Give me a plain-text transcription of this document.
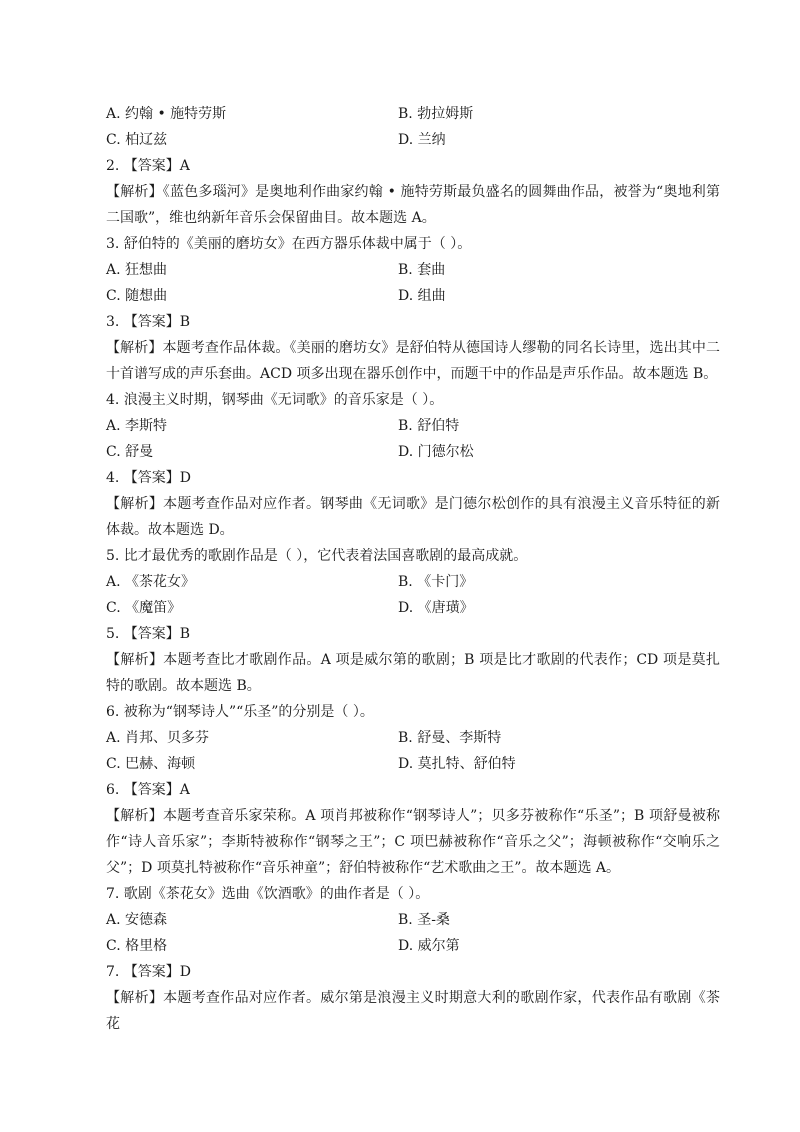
A. 约翰 • 施特劳斯	B. 勃拉姆斯
C. 柏辽兹	D. 兰纳
2. 【答案】A
【解析】《蓝色多瑙河》是奥地利作曲家约翰 • 施特劳斯最负盛名的圆舞曲作品，被誉为“奥地利第二国歌”，维也纳新年音乐会保留曲目。故本题选 A。
3. 舒伯特的《美丽的磨坊女》在西方器乐体裁中属于（ ）。
A. 狂想曲	B. 套曲
C. 随想曲	D. 组曲
3. 【答案】B
【解析】本题考查作品体裁。《美丽的磨坊女》是舒伯特从德国诗人缪勒的同名长诗里，选出其中二十首谱写成的声乐套曲。ACD 项多出现在器乐创作中，而题干中的作品是声乐作品。故本题选 B。
4. 浪漫主义时期，钢琴曲《无词歌》的音乐家是（ ）。
A. 李斯特	B. 舒伯特
C. 舒曼	D. 门德尔松
4. 【答案】D
【解析】本题考查作品对应作者。钢琴曲《无词歌》是门德尔松创作的具有浪漫主义音乐特征的新体裁。故本题选 D。
5. 比才最优秀的歌剧作品是（ ），它代表着法国喜歌剧的最高成就。
A. 《茶花女》	B. 《卡门》
C. 《魔笛》	D. 《唐璜》
5. 【答案】B
【解析】本题考查比才歌剧作品。A 项是威尔第的歌剧；B 项是比才歌剧的代表作；CD 项是莫扎特的歌剧。故本题选 B。
6. 被称为“钢琴诗人”“乐圣”的分别是（ ）。
A. 肖邦、贝多芬	B. 舒曼、李斯特
C. 巴赫、海顿	D. 莫扎特、舒伯特
6. 【答案】A
【解析】本题考查音乐家荣称。A 项肖邦被称作“钢琴诗人”；贝多芬被称作“乐圣”；B 项舒曼被称作“诗人音乐家”；李斯特被称作“钢琴之王”；C 项巴赫被称作“音乐之父”；海顿被称作“交响乐之父”；D 项莫扎特被称作“音乐神童”；舒伯特被称作“艺术歌曲之王”。故本题选 A。
7. 歌剧《茶花女》选曲《饮酒歌》的曲作者是（ ）。
A. 安德森	B. 圣-桑
C. 格里格	D. 威尔第
7. 【答案】D
【解析】本题考查作品对应作者。威尔第是浪漫主义时期意大利的歌剧作家，代表作品有歌剧《茶花
